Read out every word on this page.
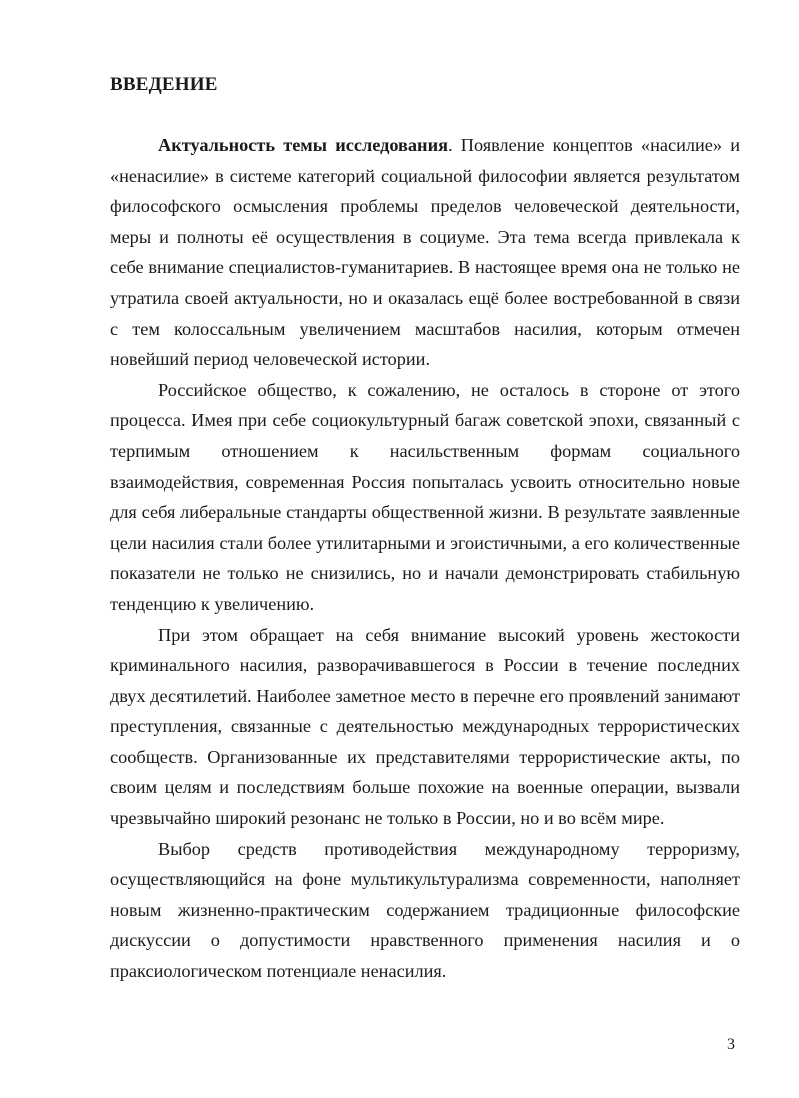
ВВЕДЕНИЕ

Актуальность темы исследования. Появление концептов «насилие» и «ненасилие» в системе категорий социальной философии является результатом философского осмысления проблемы пределов человеческой деятельности, меры и полноты её осуществления в социуме. Эта тема всегда привлекала к себе внимание специалистов-гуманитариев. В настоящее время она не только не утратила своей актуальности, но и оказалась ещё более востребованной в связи с тем колоссальным увеличением масштабов насилия, которым отмечен новейший период человеческой истории.

Российское общество, к сожалению, не осталось в стороне от этого процесса. Имея при себе социокультурный багаж советской эпохи, связанный с терпимым отношением к насильственным формам социального взаимодействия, современная Россия попыталась усвоить относительно новые для себя либеральные стандарты общественной жизни. В результате заявленные цели насилия стали более утилитарными и эгоистичными, а его количественные показатели не только не снизились, но и начали демонстрировать стабильную тенденцию к увеличению.

При этом обращает на себя внимание высокий уровень жестокости криминального насилия, разворачивавшегося в России в течение последних двух десятилетий. Наиболее заметное место в перечне его проявлений занимают преступления, связанные с деятельностью международных террористических сообществ. Организованные их представителями террористические акты, по своим целям и последствиям больше похожие на военные операции, вызвали чрезвычайно широкий резонанс не только в России, но и во всём мире.

Выбор средств противодействия международному терроризму, осуществляющийся на фоне мультикультурализма современности, наполняет новым жизненно-практическим содержанием традиционные философские дискуссии о допустимости нравственного применения насилия и о праксиологическом потенциале ненасилия.

3
